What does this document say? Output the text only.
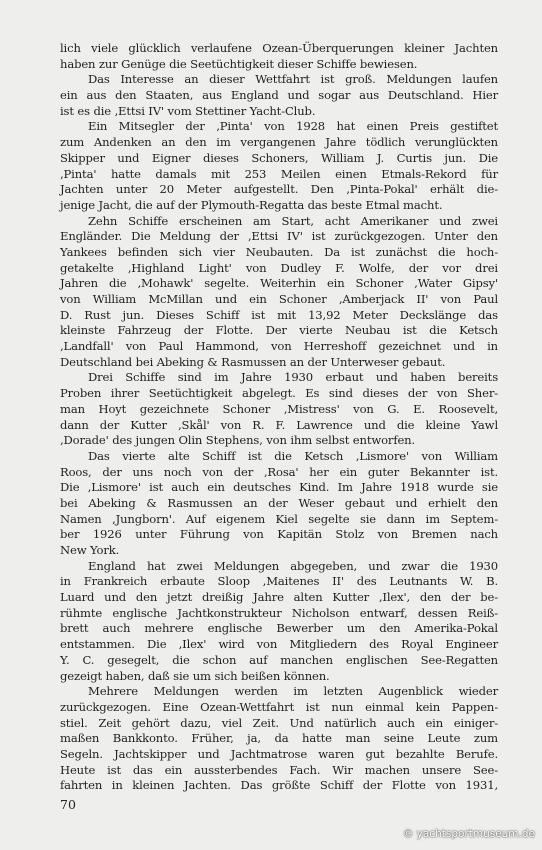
lich viele glücklich verlaufene Ozean-Überquerungen kleiner Jachten
haben zur Genüge die Seetüchtigkeit dieser Schiffe bewiesen.
Das Interesse an dieser Wettfahrt ist groß. Meldungen laufen
ein aus den Staaten, aus England und sogar aus Deutschland. Hier
ist es die ‚Ettsi IV' vom Stettiner Yacht-Club.
Ein Mitsegler der ‚Pinta' von 1928 hat einen Preis gestiftet
zum Andenken an den im vergangenen Jahre tödlich verunglückten
Skipper und Eigner dieses Schoners, William J. Curtis jun. Die
‚Pinta' hatte damals mit 253 Meilen einen Etmals-Rekord für
Jachten unter 20 Meter aufgestellt. Den ‚Pinta-Pokal' erhält die-
jenige Jacht, die auf der Plymouth-Regatta das beste Etmal macht.
Zehn Schiffe erscheinen am Start, acht Amerikaner und zwei
Engländer. Die Meldung der ‚Ettsi IV' ist zurückgezogen. Unter den
Yankees befinden sich vier Neubauten. Da ist zunächst die hoch-
getakelte ‚Highland Light' von Dudley F. Wolfe, der vor drei
Jahren die ‚Mohawk' segelte. Weiterhin ein Schoner ‚Water Gipsy'
von William McMillan und ein Schoner ‚Amberjack II' von Paul
D. Rust jun. Dieses Schiff ist mit 13,92 Meter Deckslänge das
kleinste Fahrzeug der Flotte. Der vierte Neubau ist die Ketsch
‚Landfall' von Paul Hammond, von Herreshoff gezeichnet und in
Deutschland bei Abeking & Rasmussen an der Unterweser gebaut.
Drei Schiffe sind im Jahre 1930 erbaut und haben bereits
Proben ihrer Seetüchtigkeit abgelegt. Es sind dieses der von Sher-
man Hoyt gezeichnete Schoner ‚Mistress' von G. E. Roosevelt,
dann der Kutter ‚Skål' von R. F. Lawrence und die kleine Yawl
‚Dorade' des jungen Olin Stephens, von ihm selbst entworfen.
Das vierte alte Schiff ist die Ketsch ‚Lismore' von William
Roos, der uns noch von der ‚Rosa' her ein guter Bekannter ist.
Die ‚Lismore' ist auch ein deutsches Kind. Im Jahre 1918 wurde sie
bei Abeking & Rasmussen an der Weser gebaut und erhielt den
Namen ‚Jungborn'. Auf eigenem Kiel segelte sie dann im Septem-
ber 1926 unter Führung von Kapitän Stolz von Bremen nach
New York.
England hat zwei Meldungen abgegeben, und zwar die 1930
in Frankreich erbaute Sloop ‚Maitenes II' des Leutnants W. B.
Luard und den jetzt dreißig Jahre alten Kutter ‚Ilex', den der be-
rühmte englische Jachtkonstrukteur Nicholson entwarf, dessen Reiß-
brett auch mehrere englische Bewerber um den Amerika-Pokal
entstammen. Die ‚Ilex' wird von Mitgliedern des Royal Engineer
Y. C. gesegelt, die schon auf manchen englischen See-Regatten
gezeigt haben, daß sie um sich beißen können.
Mehrere Meldungen werden im letzten Augenblick wieder
zurückgezogen. Eine Ozean-Wettfahrt ist nun einmal kein Pappen-
stiel. Zeit gehört dazu, viel Zeit. Und natürlich auch ein einiger-
maßen Bankkonto. Früher, ja, da hatte man seine Leute zum
Segeln. Jachtskipper und Jachtmatrose waren gut bezahlte Berufe.
Heute ist das ein aussterbendes Fach. Wir machen unsere See-
fahrten in kleinen Jachten. Das größte Schiff der Flotte von 1931,
70
© yachtsportmuseum.de
